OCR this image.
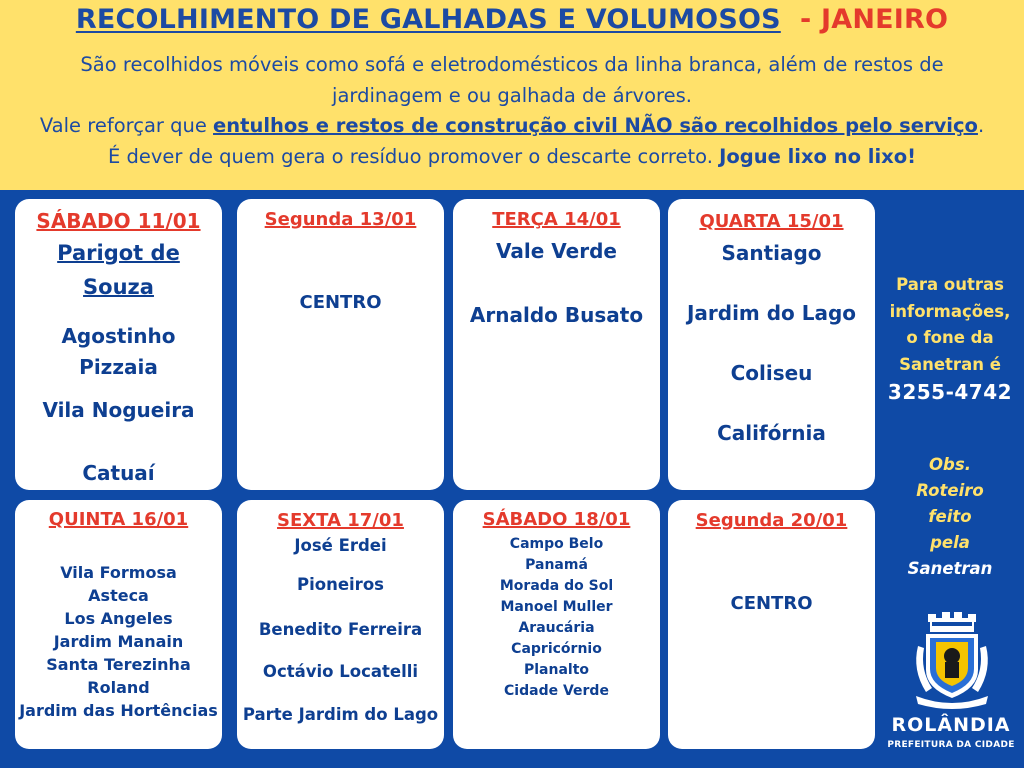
RECOLHIMENTO DE GALHADAS E VOLUMOSOS - JANEIRO
São recolhidos móveis como sofá e eletrodomésticos da linha branca, além de restos de
jardinagem e ou galhada de árvores.
Vale reforçar que entulhos e restos de construção civil NÃO são recolhidos pelo serviço.
É dever de quem gera o resíduo promover o descarte correto. Jogue lixo no lixo!
SÁBADO 11/01
Parigot de
Souza
Agostinho
Pizzaia
Vila Nogueira
Catuaí
Segunda 13/01
CENTRO
TERÇA 14/01
Vale Verde
Arnaldo Busato
QUARTA 15/01
Santiago
Jardim do Lago
Coliseu
Califórnia
QUINTA 16/01
Vila Formosa
Asteca
Los Angeles
Jardim Manain
Santa Terezinha
Roland
Jardim das Hortências
SEXTA 17/01
José Erdei
Pioneiros
Benedito Ferreira
Octávio Locatelli
Parte Jardim do Lago
SÁBADO 18/01
Campo Belo
Panamá
Morada do Sol
Manoel Muller
Araucária
Capricórnio
Planalto
Cidade Verde
Segunda 20/01
CENTRO
Para outras
informações,
o fone da
Sanetran é
3255-4742
Obs.
Roteiro
feito
pela
Sanetran
ROLÂNDIA
PREFEITURA DA CIDADE
